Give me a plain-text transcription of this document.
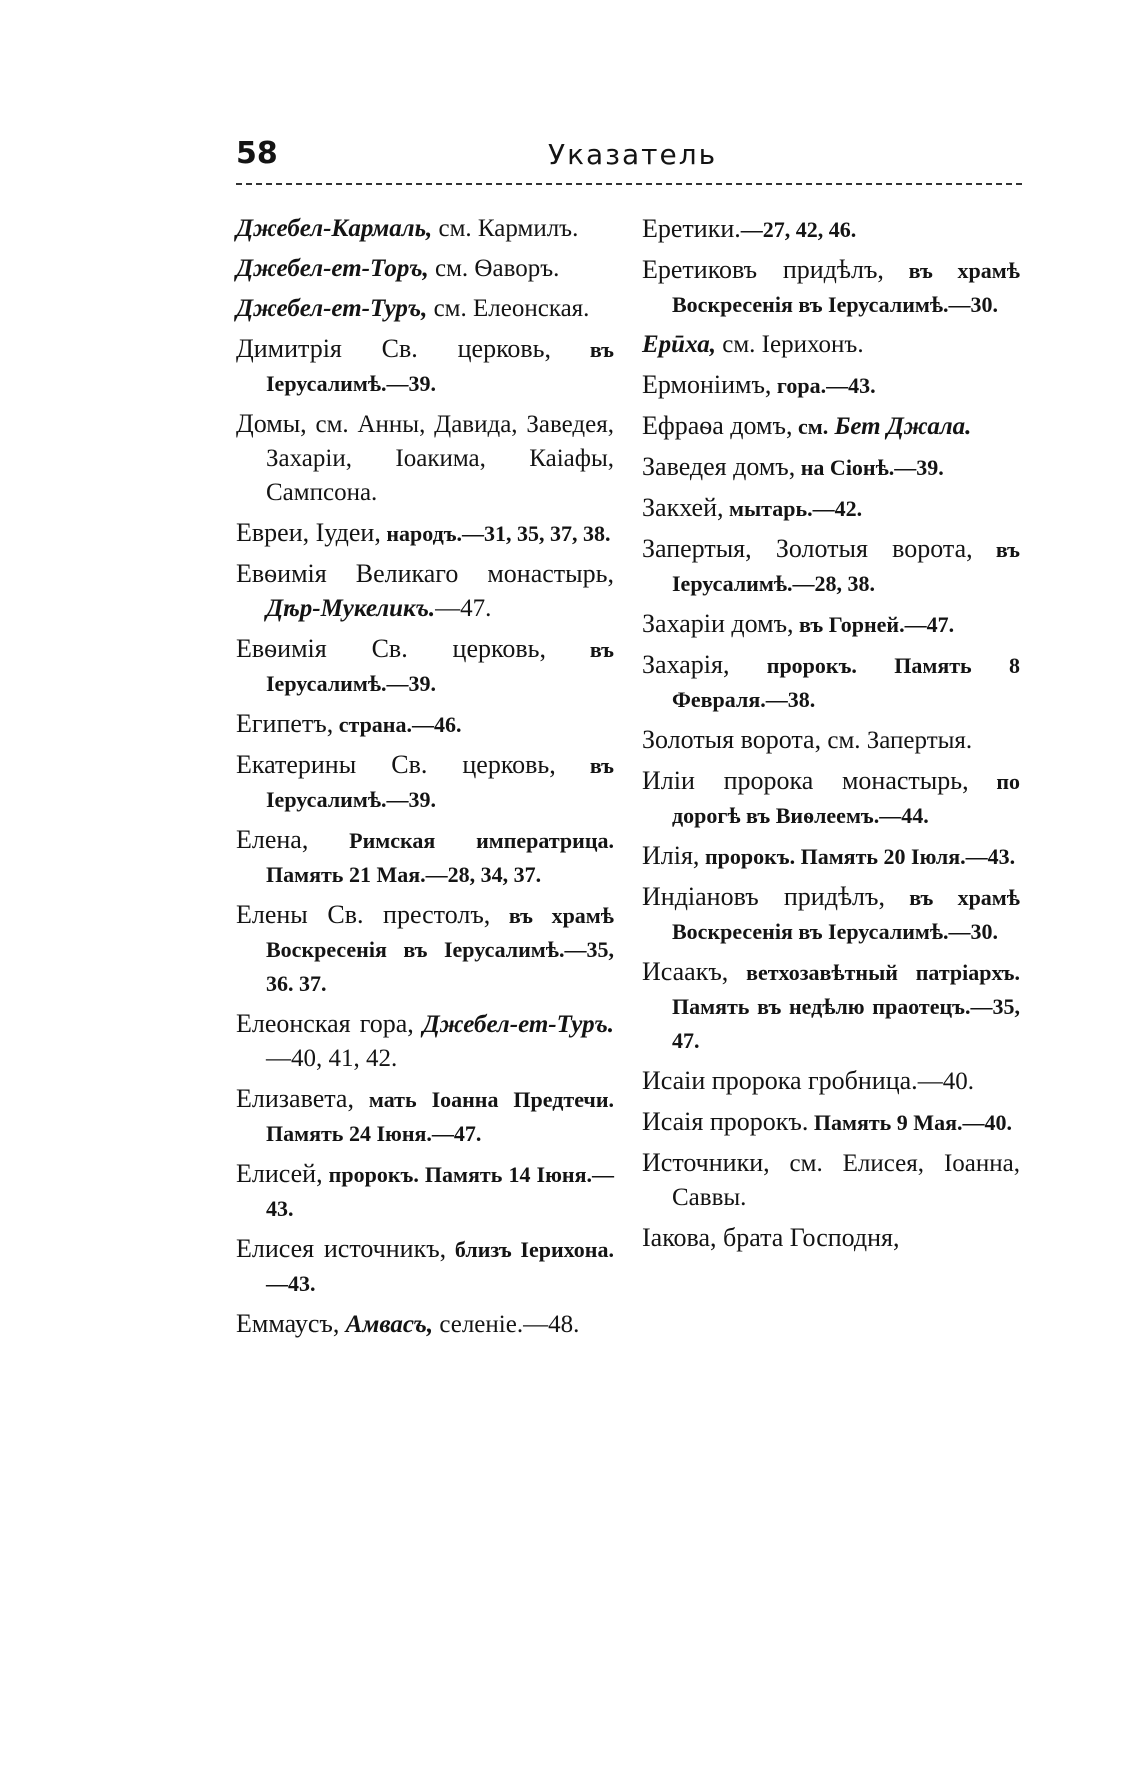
58	Указатель
Джебел-Кармаль, см. Кармилъ.
Джебел-ет-Торъ, см. Ѳаворъ.
Джебел-ет-Туръ, см. Елеонская.
Димитрія Св. церковь, въ Іерусалимѣ.—39.
Домы, см. Анны, Давида, Заведея, Захаріи, Іоакима, Каіафы, Сампсона.
Евреи, Іудеи, народъ.—31, 35, 37, 38.
Евѳимія Великаго монастырь, Дѣр-Мукеликъ.—47.
Евѳимія Св. церковь, въ Іерусалимѣ.—39.
Египетъ, страна.—46.
Екатерины Св. церковь, въ Іерусалимѣ.—39.
Елена, Римская императрица. Память 21 Мая.—28, 34, 37.
Елены Св. престолъ, въ храмѣ Воскресенія въ Іерусалимѣ.—35, 36. 37.
Елеонская гора, Джебел-ет-Туръ.—40, 41, 42.
Елизавета, мать Іоанна Предтечи. Память 24 Іюня.—47.
Елисей, пророкъ. Память 14 Іюня.—43.
Елисея источникъ, близъ Іерихона.—43.
Еммаусъ, Амвасъ, селеніе.—48.
Еретики.—27, 42, 46.
Еретиковъ придѣлъ, въ храмѣ Воскресенія въ Іерусалимѣ.—30.
Ерӣха, см. Іерихонъ.
Ермоніимъ, гора.—43.
Ефраѳа домъ, см. Бет Джала.
Заведея домъ, на Сіонѣ.—39.
Закхей, мытарь.—42.
Запертыя, Золотыя ворота, въ Іерусалимѣ.—28, 38.
Захаріи домъ, въ Горней.—47.
Захарія, пророкъ. Память 8 Февраля.—38.
Золотыя ворота, см. Запертыя.
Иліи пророка монастырь, по дорогѣ въ Виѳлеемъ.—44.
Илія, пророкъ. Память 20 Іюля.—43.
Индіановъ придѣлъ, въ храмѣ Воскресенія въ Іерусалимѣ.—30.
Исаакъ, ветхозавѣтный патріархъ. Память въ недѣлю праотецъ.—35, 47.
Исаіи пророка гробница.—40.
Исаія пророкъ. Память 9 Мая.—40.
Источники, см. Елисея, Іоанна, Саввы.
Іакова, брата Господня,
